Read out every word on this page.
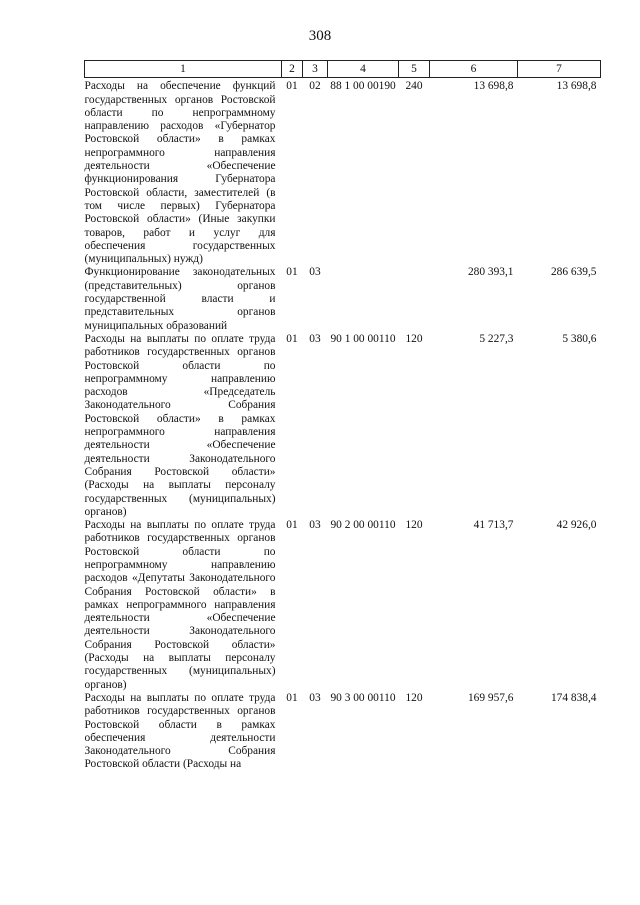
308
1	2	3	4	5	6	7
Расходы на обеспечение функций государственных органов Ростовской области по непрограммному направлению расходов «Губернатор Ростовской области» в рамках непрограммного направления деятельности «Обеспечение функционирования Губернатора Ростовской области, заместителей (в том числе первых) Губернатора Ростовской области» (Иные закупки товаров, работ и услуг для обеспечения государственных (муниципальных) нужд)	01	02	88 1 00 00190	240	13 698,8	13 698,8

Функционирование законодательных (представительных) органов государственной власти и представительных органов муниципальных образований	01	03			280 393,1	286 639,5

Расходы на выплаты по оплате труда работников государственных органов Ростовской области по непрограммному направлению расходов «Председатель Законодательного Собрания Ростовской области» в рамках непрограммного направления деятельности «Обеспечение деятельности Законодательного Собрания Ростовской области» (Расходы на выплаты персоналу государственных (муниципальных) органов)	01	03	90 1 00 00110	120	5 227,3	5 380,6

Расходы на выплаты по оплате труда работников государственных органов Ростовской области по непрограммному направлению расходов «Депутаты Законодательного Собрания Ростовской области» в рамках непрограммного направления деятельности «Обеспечение деятельности Законодательного Собрания Ростовской области» (Расходы на выплаты персоналу государственных (муниципальных) органов)	01	03	90 2 00 00110	120	41 713,7	42 926,0

Расходы на выплаты по оплате труда работников государственных органов Ростовской области в рамках обеспечения деятельности Законодательного Собрания Ростовской области (Расходы на	01	03	90 3 00 00110	120	169 957,6	174 838,4
